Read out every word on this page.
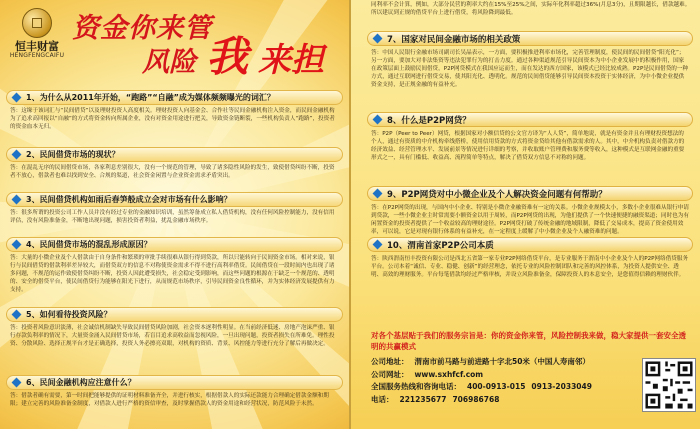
恒丰财富
HENGFENGCAIFU
资金你来管
风险 我 来担
1、为什么从2011年开始，“跑路”“自融”成为媒体频频曝光的词汇？
答：这缘于该词汇与“民间借贷”以及理财投资人高度相关。理财投资人向基金会、合作社等民间金融机构注入资金，而民间金融机构为了追求高回报以“自融”的方式将资金转向所属企业，没有对资金用途进行把关，导致资金链断裂，一些机构负责人“跑路”，投资者的资金血本无归。
2、民间借贷市场的现状？
答：在混乱无序的民间借贷市场，各家利息差别很大，没有一个规范的管理，导致了诸多隐性风险的发生，致使借贷纠纷不断，投资者不放心，借款者也难以找到安全、合规的渠道，社会资金闲置与企业资金需求矛盾突出。
3、民间借贷机构如雨后春笋般成立会对市场有什么影响？
答：很多所谓的投资公司工作人员并没有经过专业的金融知识培训，虽然筹备成立私人借贷机构，没有任何风险控制能力，没有信用评估，没有风险准备金，不断地出现问题，损害投资者利益，扰乱金融市场秩序。
4、民间借贷市场的混乱形成原因？
答：大量的小微企业及个人借款由于自身条件和繁琐的审批手续很难从银行得到贷款，所以只能转向于民间资金市场。相对来说，银行与民间借贷的借款利率差异较大，而借贷双方的信息不对称使资金需求不得不进行高利率借贷。民间借贷在一段时间内也出现了诸多问题，不规范的运作致使借贷纠纷不断，投资人因此遭受损失，社会稳定受到影响，而这些问题的根源在于缺乏一个规范的、透明的、安全的借贷平台，使民间借贷行为能够在阳光下进行，从而规范市场秩序，引导民间资金良性循环，并为实体经济发展提供有力支持。
5、如何看待投资风险？
答：投资者风险意识淡薄，社会诚信机制缺失导致民间借贷风险加剧，社会资本逐利性明显。在当前经济低迷、房地产泡沫严重、银行存款负利率的情况下，大量资金涌入民间借贷市场，若盲目追求高收益而忽视风险，一旦出现问题，投资者损失在所难免。理性投资、分散风险、选择正规平台才是正确选择，投资人务必擦亮双眼，对机构的资质、背景、风控能力等进行充分了解后再做决定。
6、民间金融机构应注意什么？
答：借款者确有需要，第一时间把能够提供的证明材料准备齐全，并进行核实，根据借款人的实际还款能力合理确定借款金额和期限；建立完善的风险准备金制度，对借款人进行严格的资信审查，及时掌握借款人的资金用途和经营状况，防范风险于未然。
同利率不会计算，例如，大部分民营的利率大约在15%至25%之间，实际年化利率超过36%(月息3分)，且期限越长，借款越难。所以建议到正规的借贷平台上进行借贷，将风险降到最低。
7、国家对民间金融市场的相关政策
答：中国人民银行金融市场司副司长吴晶表示，一方面，要积极推进利率市场化，完善管理制度，使民间的民间借贷“阳光化”；另一方面，要加大对非法集资等违法犯罪行为的打击力度。通过各种渠道规范引导民间资本为中小企业发展中的积极作用，国家在政策层面上鼓励民间借贷，P2P网贷模式在我国应运而生，而在发达的西方国家，该模式已经比较成熟。P2P是民间借贷的一种方式，通过互联网进行借贷交易，使其阳光化、透明化。规范的民间借贷能够引导民间资本投资于实体经济，为中小微企业提供资金支持，是正规金融的有益补充。
8、什么是P2P网贷？
答：P2P（Peer to Peer）网贷，根据国家对小额信贷的公文官方译为“人人贷”，简单地说，就是有资金并且有理财投资想法的个人，通过有资质的中介机构牵线搭桥，使用信用贷款的方式将资金贷给其他有借款需求的人。其中，中介机构负责对借款方的经济效益、经营管理水平、发展前景等情况进行详细的考察，并收取账户管理费和服务费等收入，这种模式是互联网金融的重要形式之一，具有门槛低、收益高、流程简单等特点，解决了借贷双方信息不对称的问题。
9、P2P网贷对中小微企业及个人解决资金问题有何帮助？
答：在P2P网贷的出现，与国内中小企业、特别是小微企业融资难有一定的关系。小微企业规模太小，多数小企业很难从银行申请到贷款，一些小微企业主时常需要小额资金以用于周转，而P2P网贷的出现，为他们提供了一个快速便捷的融资渠道；同时也为有闲置资金的投资者提供了一个收益较高的理财途径。P2P网贷打破了传统金融的地域限制，降低了交易成本，提高了资金使用效率，可以说，它是对现有银行体系的有益补充，在一定程度上缓解了中小微企业及个人融资难的问题。
10、渭南首家P2P公司本质
答：陕西渭南恒丰投资有限公司是西北五省第一家专业P2P网络借贷平台，是专业服务于渭南中小企业及个人的P2P网络借贷服务平台。公司本着“诚信、专业、稳健、创新”的经营理念，依托专业的风险控制团队和完善的风控体系，为投资人提供安全、透明、高效的理财服务。平台每笔借款均经过严格审核，并设立风险准备金，保障投资人的本息安全，是您值得信赖的理财伙伴。
对各个基层贴于我们的服务宗旨是：你的资金你来管，风险控制我来做，稳大家提供一套安全透明的共赢模式
公司地址： 渭南市前马路与前进路十字北50米（中国人寿南邻）
公司网址： www.sxhfcf.com
全国服务热线和咨询电话： 400-0913-015 0913-2033049
电话： 221235677 706986768
